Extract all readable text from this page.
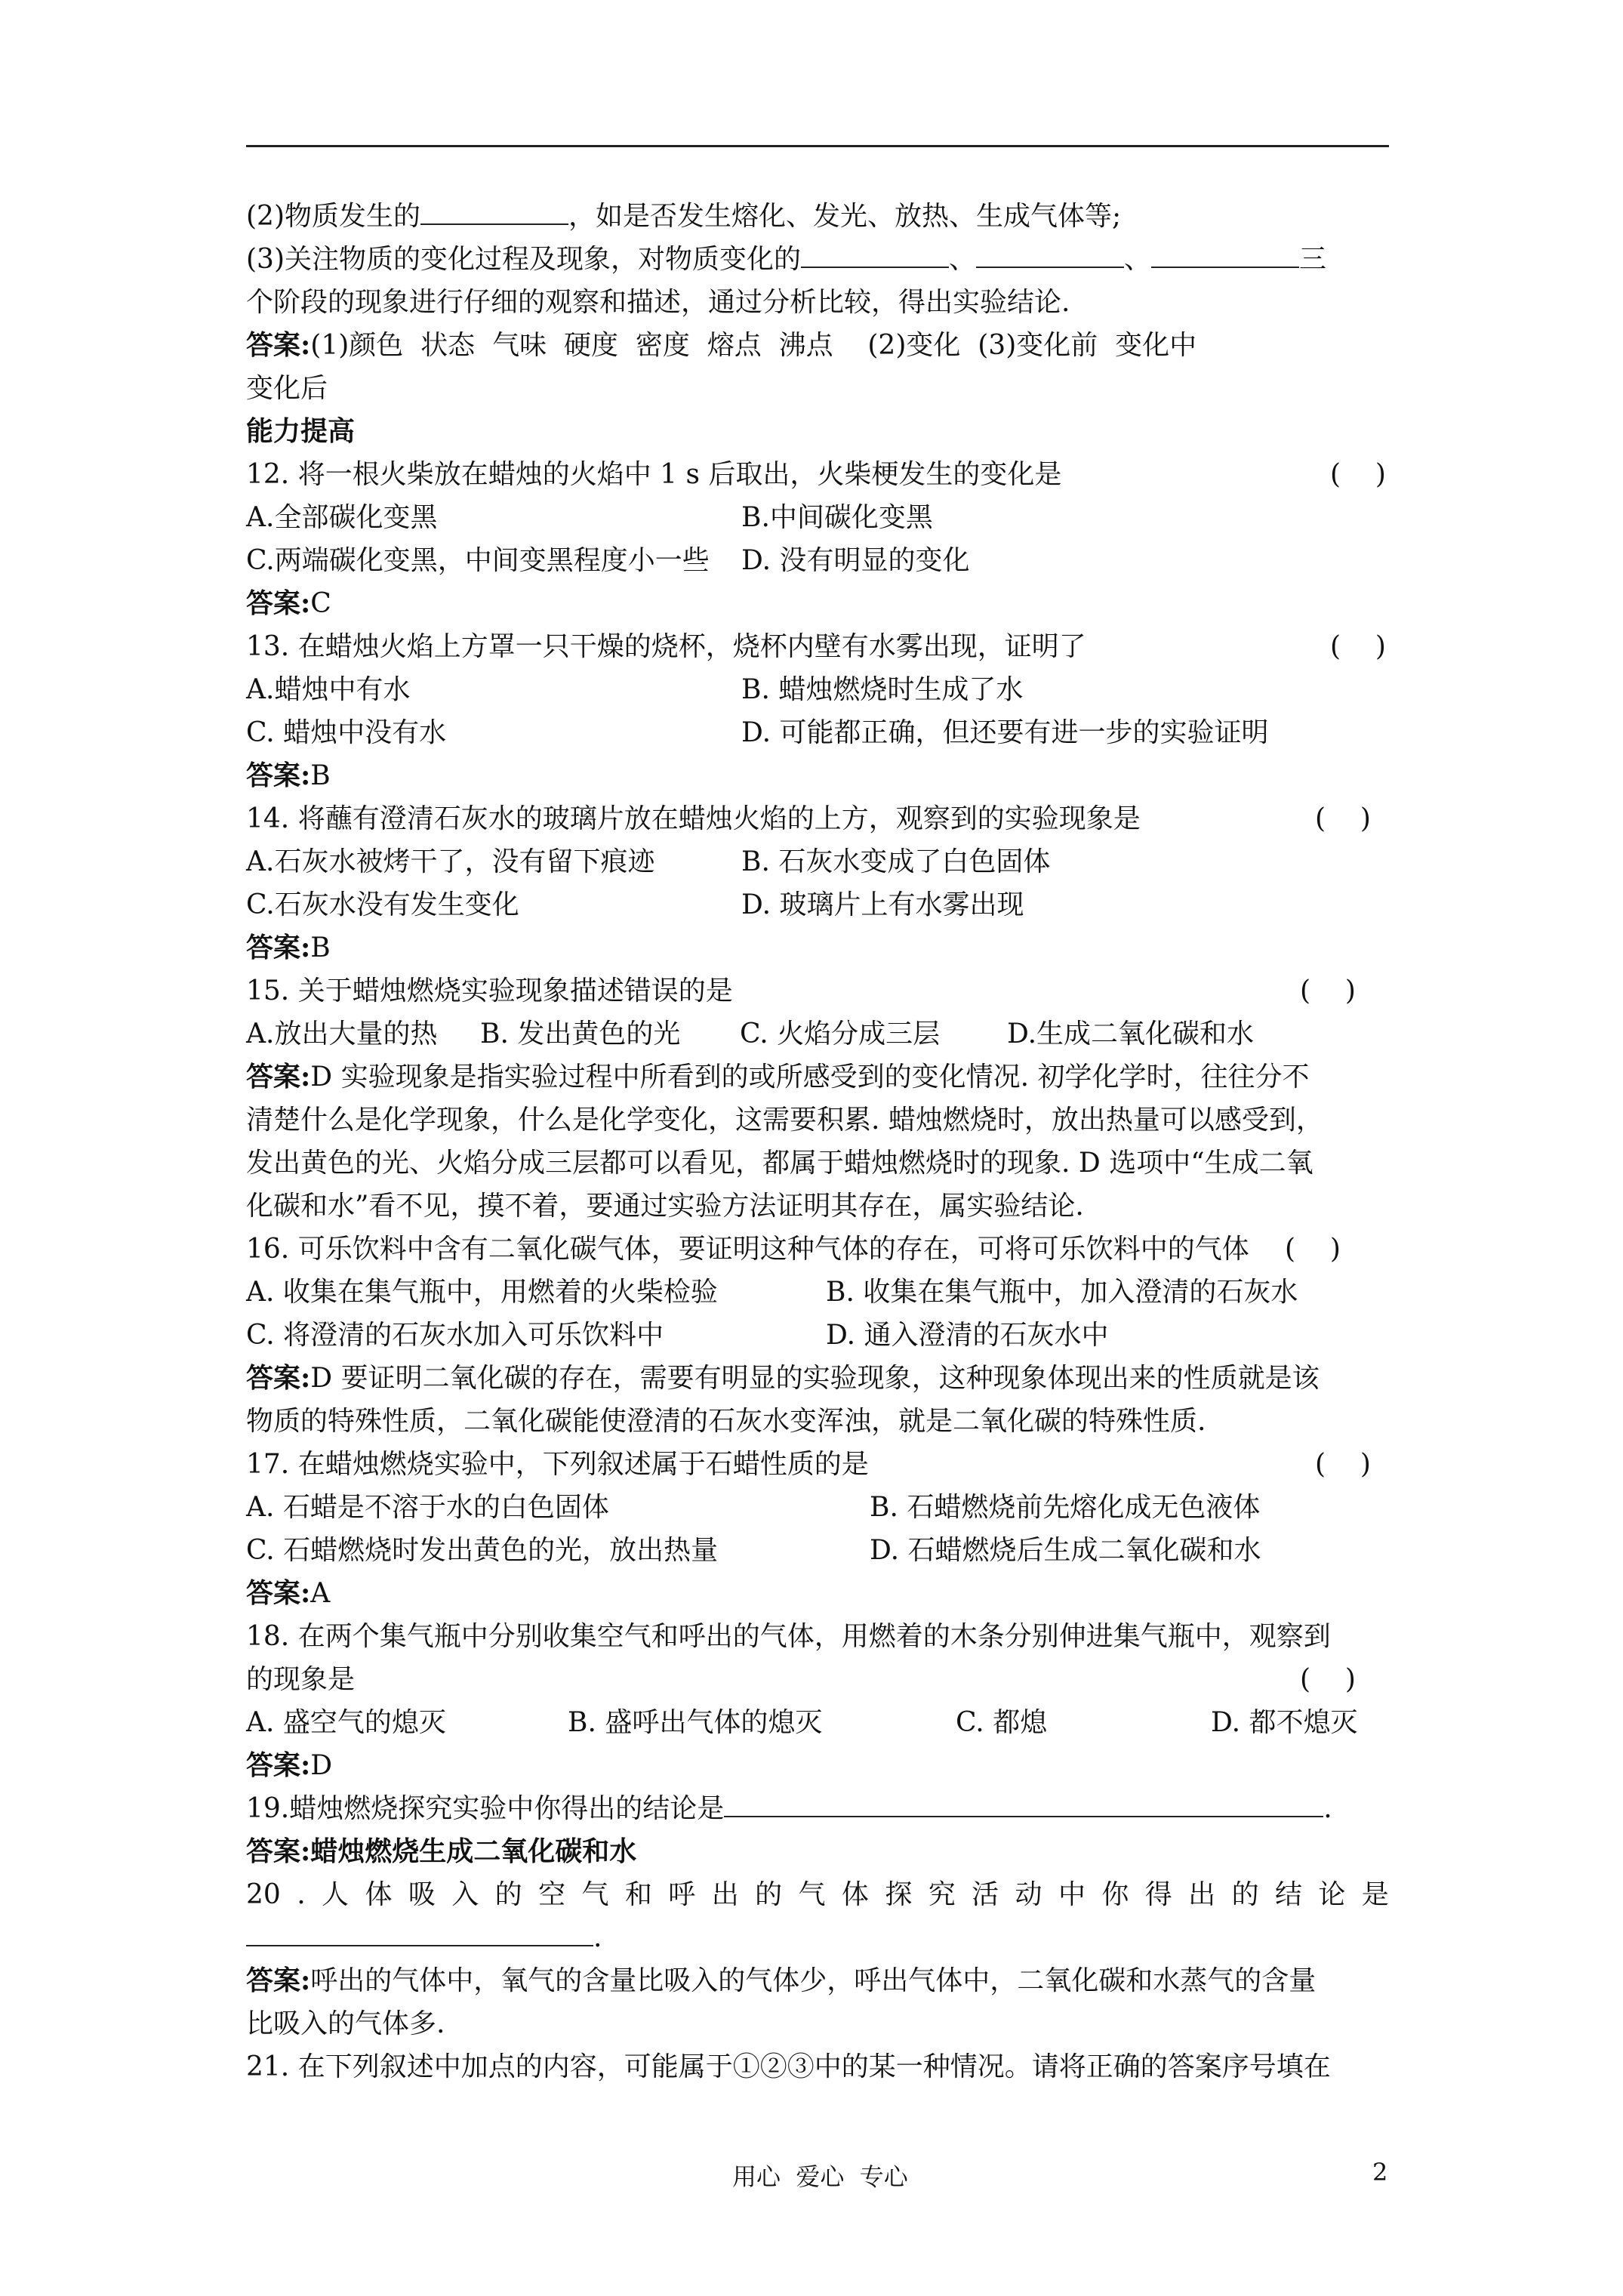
(2)物质发生的	，如是否发生熔化、发光、放热、生成气体等;
(3)关注物质的变化过程及现象，对物质变化的	、	、	三
个阶段的现象进行仔细的观察和描述，通过分析比较，得出实验结论.
答案:(1)颜色  状态  气味  硬度  密度  熔点  沸点    (2)变化  (3)变化前  变化中
变化后
能力提高
12. 将一根火柴放在蜡烛的火焰中 1 s 后取出，火柴梗发生的变化是	(    )
A.全部碳化变黑	B.中间碳化变黑
C.两端碳化变黑，中间变黑程度小一些 D. 没有明显的变化
答案:C
13. 在蜡烛火焰上方罩一只干燥的烧杯，烧杯内壁有水雾出现，证明了	(    )
A.蜡烛中有水	B. 蜡烛燃烧时生成了水
C. 蜡烛中没有水	D. 可能都正确，但还要有进一步的实验证明
答案:B
14. 将蘸有澄清石灰水的玻璃片放在蜡烛火焰的上方，观察到的实验现象是	(    )
A.石灰水被烤干了，没有留下痕迹	B. 石灰水变成了白色固体
C.石灰水没有发生变化	D. 玻璃片上有水雾出现
答案:B
15. 关于蜡烛燃烧实验现象描述错误的是	(    )
A.放出大量的热 B. 发出黄色的光 C. 火焰分成三层 D.生成二氧化碳和水
答案:D 实验现象是指实验过程中所看到的或所感受到的变化情况. 初学化学时，往往分不
清楚什么是化学现象，什么是化学变化，这需要积累. 蜡烛燃烧时，放出热量可以感受到，
发出黄色的光、火焰分成三层都可以看见，都属于蜡烛燃烧时的现象. D 选项中“生成二氧
化碳和水”看不见，摸不着，要通过实验方法证明其存在，属实验结论.
16. 可乐饮料中含有二氧化碳气体，要证明这种气体的存在，可将可乐饮料中的气体 (    )
A. 收集在集气瓶中，用燃着的火柴检验	B. 收集在集气瓶中，加入澄清的石灰水
C. 将澄清的石灰水加入可乐饮料中	D. 通入澄清的石灰水中
答案:D 要证明二氧化碳的存在，需要有明显的实验现象，这种现象体现出来的性质就是该
物质的特殊性质，二氧化碳能使澄清的石灰水变浑浊，就是二氧化碳的特殊性质.
17. 在蜡烛燃烧实验中，下列叙述属于石蜡性质的是	(    )
A. 石蜡是不溶于水的白色固体	B. 石蜡燃烧前先熔化成无色液体
C. 石蜡燃烧时发出黄色的光，放出热量	D. 石蜡燃烧后生成二氧化碳和水
答案:A
18. 在两个集气瓶中分别收集空气和呼出的气体，用燃着的木条分别伸进集气瓶中，观察到
的现象是	(    )
A. 盛空气的熄灭	B. 盛呼出气体的熄灭	C. 都熄	D. 都不熄灭
答案:D
19.蜡烛燃烧探究实验中你得出的结论是	.
答案:蜡烛燃烧生成二氧化碳和水
20 . 人 体 吸 入 的 空 气 和 呼 出 的 气 体 探 究 活 动 中 你 得 出 的 结 论 是
.
答案:呼出的气体中，氧气的含量比吸入的气体少，呼出气体中，二氧化碳和水蒸气的含量
比吸入的气体多.
21. 在下列叙述中加点的内容，可能属于①②③中的某一种情况。请将正确的答案序号填在
用心  爱心  专心	2
